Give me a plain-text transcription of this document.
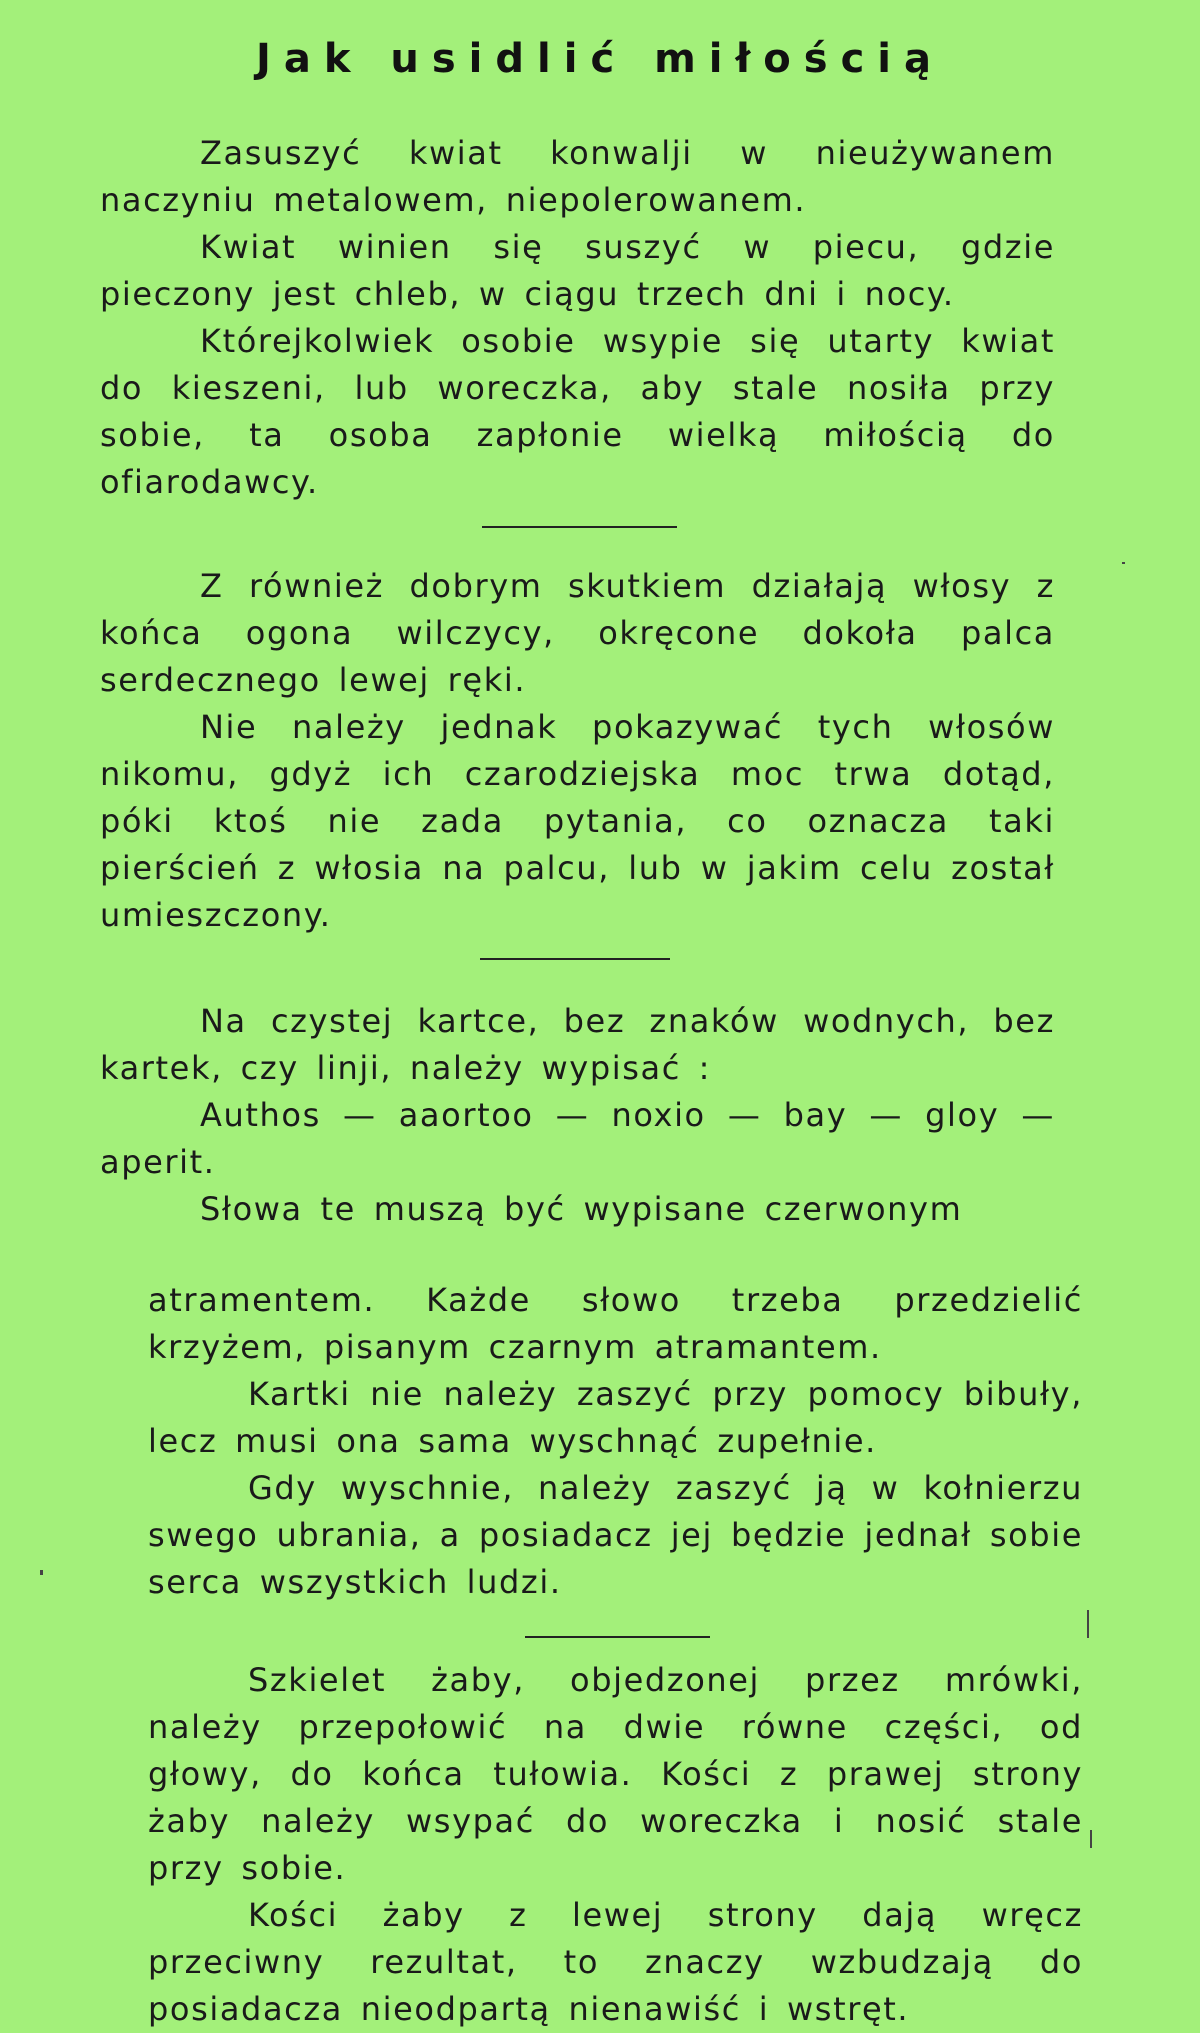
Jak usidlić miłością

Zasuszyć kwiat konwalji w nieużywanem naczyniu metalowem, niepolerowanem.

Kwiat winien się suszyć w piecu, gdzie pieczony jest chleb, w ciągu trzech dni i nocy.

Którejkolwiek osobie wsypie się utarty kwiat do kieszeni, lub woreczka, aby stale nosiła przy sobie, ta osoba zapłonie wielką miłością do ofiarodawcy.

Z również dobrym skutkiem działają włosy z końca ogona wilczycy, okręcone dokoła palca serdecznego lewej ręki.

Nie należy jednak pokazywać tych włosów nikomu, gdyż ich czarodziejska moc trwa dotąd, póki ktoś nie zada pytania, co oznacza taki pierścień z włosia na palcu, lub w jakim celu został umieszczony.

Na czystej kartce, bez znaków wodnych, bez kartek, czy linji, należy wypisać :

Authos — aaortoo — noxio — bay — gloy — aperit.

Słowa te muszą być wypisane czerwonym

atramentem. Każde słowo trzeba przedzielić krzyżem, pisanym czarnym atramantem.

Kartki nie należy zaszyć przy pomocy bibuły, lecz musi ona sama wyschnąć zupełnie.

Gdy wyschnie, należy zaszyć ją w kołnierzu swego ubrania, a posiadacz jej będzie jednał sobie serca wszystkich ludzi.

Szkielet żaby, objedzonej przez mrówki, należy przepołowić na dwie równe części, od głowy, do końca tułowia. Kości z prawej strony żaby należy wsypać do woreczka i nosić stale przy sobie.

Kości żaby z lewej strony dają wręcz przeciwny rezultat, to znaczy wzbudzają do posiadacza nieodpartą nienawiść i wstręt.
